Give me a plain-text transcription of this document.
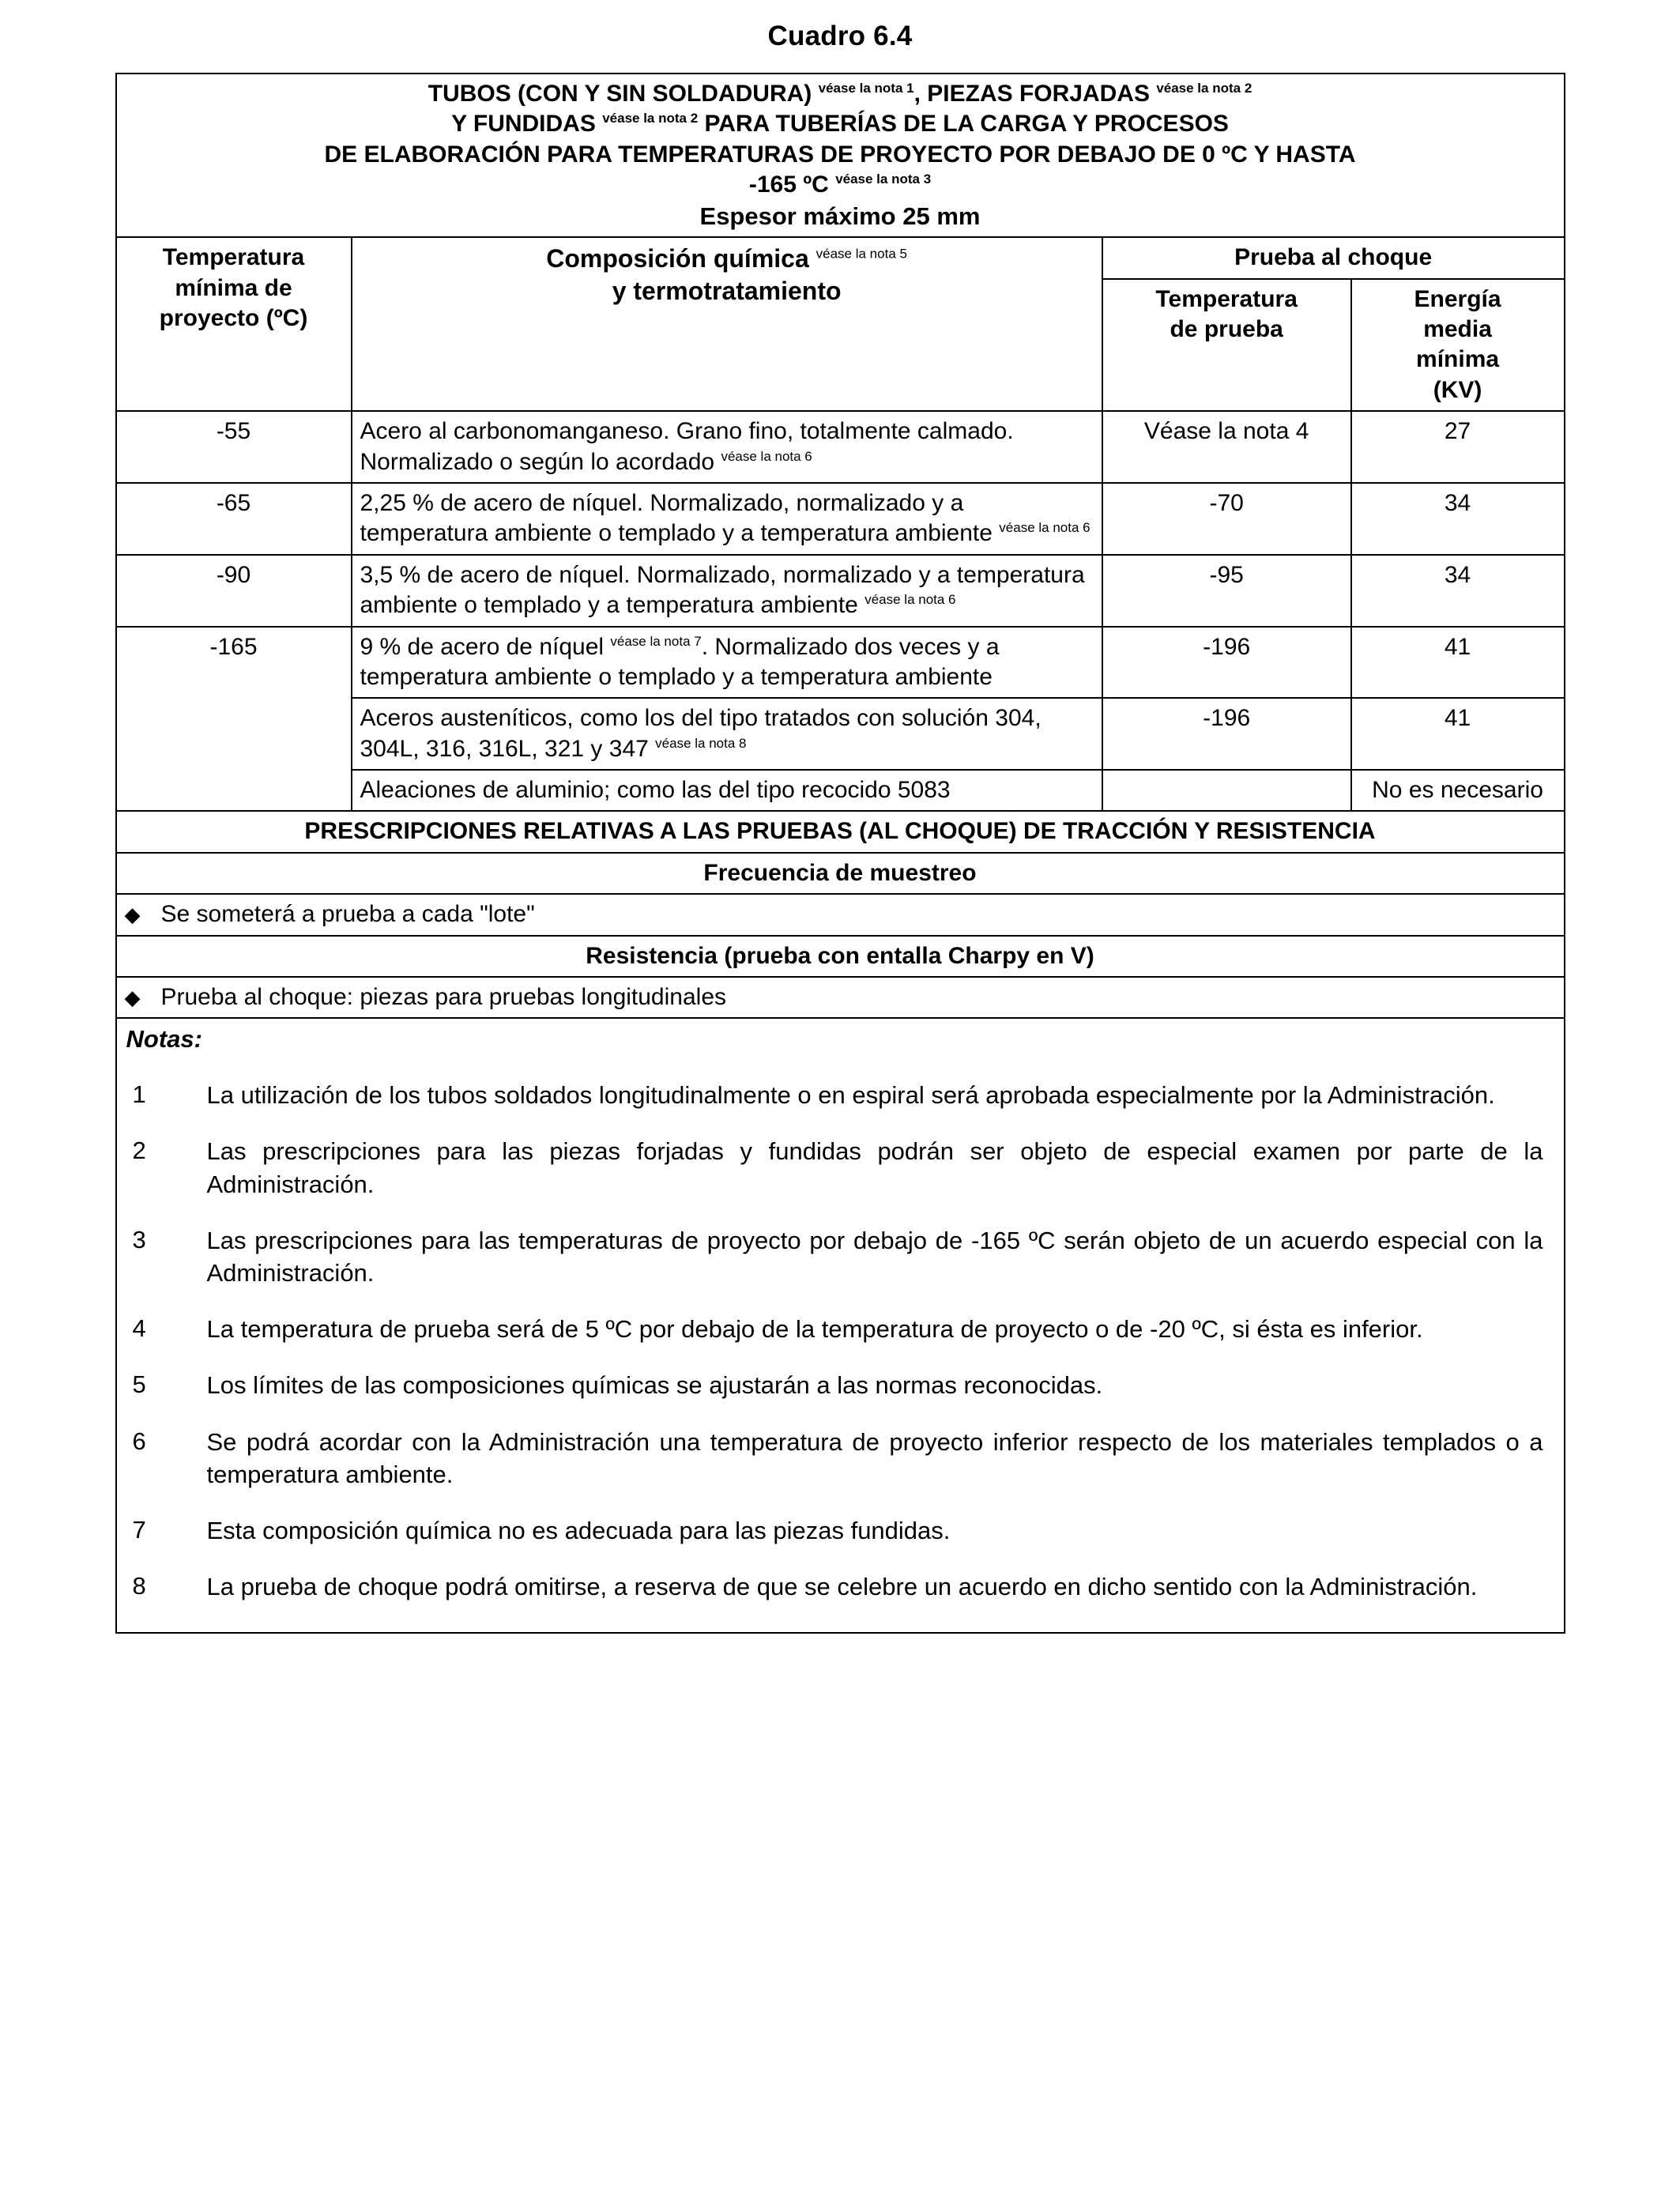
Cuadro 6.4
TUBOS (CON Y SIN SOLDADURA) $^{véase la nota 1}$, PIEZAS FORJADAS $^{véase la nota 2}$
Y FUNDIDAS $^{véase la nota 2}$ PARA TUBERÍAS DE LA CARGA Y PROCESOS
DE ELABORACIÓN PARA TEMPERATURAS DE PROYECTO POR DEBAJO DE 0 ºC Y HASTA
-165 ºC $^{véase la nota 3}$
Espesor máximo 25 mm			

Temperatura
mínima de
proyecto (ºC)

Composición química $^{véase la nota 5}$
y termotratamiento
	Prueba al choque

Temperatura
de prueba

Energía
media
mínima
(KV)

-55	Acero al carbonomanganeso. Grano fino, totalmente calmado. Normalizado o según lo acordado $^{véase la nota 6}$	Véase la nota 4	27
-65	2,25 % de acero de níquel. Normalizado, normalizado y a temperatura ambiente o templado y a temperatura ambiente $^{véase la nota 6}$	-70	34
-90	3,5 % de acero de níquel. Normalizado, normalizado y a temperatura ambiente o templado y a temperatura ambiente $^{véase la nota 6}$	-95	34
-165	9 % de acero de níquel $^{véase la nota 7}$. Normalizado dos veces y a temperatura ambiente o templado y a temperatura ambiente	-196	41
	Aceros austeníticos, como los del tipo tratados con solución 304, 304L, 316, 316L, 321 y 347 $^{véase la nota 8}$	-196	41
	Aleaciones de aluminio; como las del tipo recocido 5083		No es necesario
PRESCRIPCIONES RELATIVAS A LAS PRUEBAS (AL CHOQUE) DE TRACCIÓN Y RESISTENCIA			
Frecuencia de muestreo			
◆ Se someterá a prueba a cada "lote"			
Resistencia (prueba con entalla Charpy en V)			
◆ Prueba al choque: piezas para pruebas longitudinales			

Notas:
1	La utilización de los tubos soldados longitudinalmente o en espiral será aprobada especialmente por la Administración.
2	Las prescripciones para las piezas forjadas y fundidas podrán ser objeto de especial examen por parte de la Administración.
3	Las prescripciones para las temperaturas de proyecto por debajo de -165 ºC serán objeto de un acuerdo especial con la Administración.
4	La temperatura de prueba será de 5 ºC por debajo de la temperatura de proyecto o de -20 ºC, si ésta es inferior.
5	Los límites de las composiciones químicas se ajustarán a las normas reconocidas.
6	Se podrá acordar con la Administración una temperatura de proyecto inferior respecto de los materiales templados o a temperatura ambiente.
7	Esta composición química no es adecuada para las piezas fundidas.
8	La prueba de choque podrá omitirse, a reserva de que se celebre un acuerdo en dicho sentido con la Administración.
